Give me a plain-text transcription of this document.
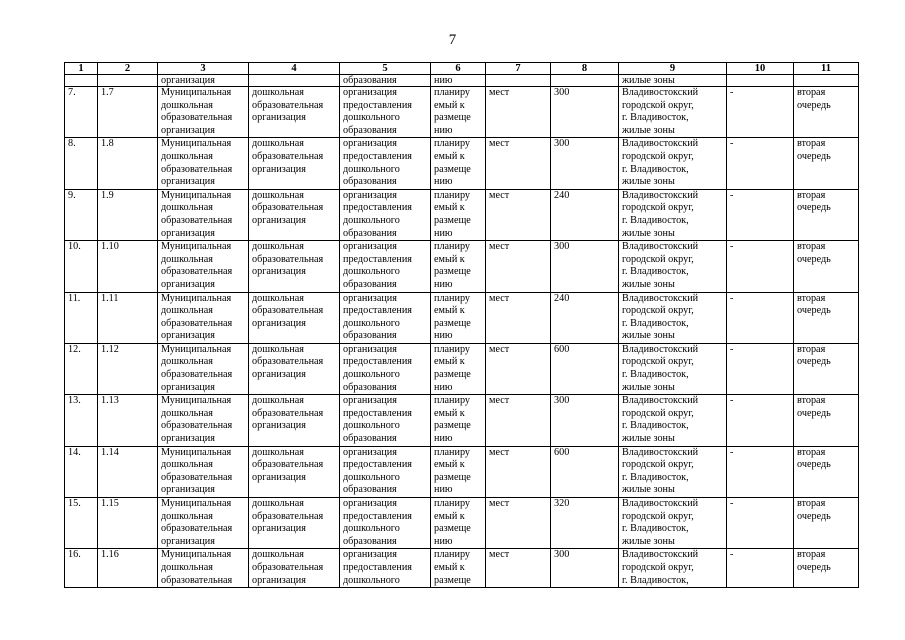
7
1	2	3	4	5	6	7	8	9	10	11
		организация		образования	нию			жилые зоны		
7.	1.7	Муниципальная
дошкольная
образовательная
организация	дошкольная
образовательная
организация	организация
предоставления
дошкольного
образования	планиру
емый к
размеще
нию	мест	300	Владивостокский
городской округ,
г. Владивосток,
жилые зоны	-	вторая
очередь

8.	1.8	Муниципальная
дошкольная
образовательная
организация	дошкольная
образовательная
организация	организация
предоставления
дошкольного
образования	планиру
емый к
размеще
нию	мест	300	Владивостокский
городской округ,
г. Владивосток,
жилые зоны	-	вторая
очередь

9.	1.9	Муниципальная
дошкольная
образовательная
организация	дошкольная
образовательная
организация	организация
предоставления
дошкольного
образования	планиру
емый к
размеще
нию	мест	240	Владивостокский
городской округ,
г. Владивосток,
жилые зоны	-	вторая
очередь

10.	1.10	Муниципальная
дошкольная
образовательная
организация	дошкольная
образовательная
организация	организация
предоставления
дошкольного
образования	планиру
емый к
размеще
нию	мест	300	Владивостокский
городской округ,
г. Владивосток,
жилые зоны	-	вторая
очередь

11.	1.11	Муниципальная
дошкольная
образовательная
организация	дошкольная
образовательная
организация	организация
предоставления
дошкольного
образования	планиру
емый к
размеще
нию	мест	240	Владивостокский
городской округ,
г. Владивосток,
жилые зоны	-	вторая
очередь

12.	1.12	Муниципальная
дошкольная
образовательная
организация	дошкольная
образовательная
организация	организация
предоставления
дошкольного
образования	планиру
емый к
размеще
нию	мест	600	Владивостокский
городской округ,
г. Владивосток,
жилые зоны	-	вторая
очередь

13.	1.13	Муниципальная
дошкольная
образовательная
организация	дошкольная
образовательная
организация	организация
предоставления
дошкольного
образования	планиру
емый к
размеще
нию	мест	300	Владивостокский
городской округ,
г. Владивосток,
жилые зоны	-	вторая
очередь

14.	1.14	Муниципальная
дошкольная
образовательная
организация	дошкольная
образовательная
организация	организация
предоставления
дошкольного
образования	планиру
емый к
размеще
нию	мест	600	Владивостокский
городской округ,
г. Владивосток,
жилые зоны	-	вторая
очередь

15.	1.15	Муниципальная
дошкольная
образовательная
организация	дошкольная
образовательная
организация	организация
предоставления
дошкольного
образования	планиру
емый к
размеще
нию	мест	320	Владивостокский
городской округ,
г. Владивосток,
жилые зоны	-	вторая
очередь

16.	1.16	Муниципальная
дошкольная
образовательная	дошкольная
образовательная
организация	организация
предоставления
дошкольного	планиру
емый к
размеще	мест	300	Владивостокский
городской округ,
г. Владивосток,	-	вторая
очередь
